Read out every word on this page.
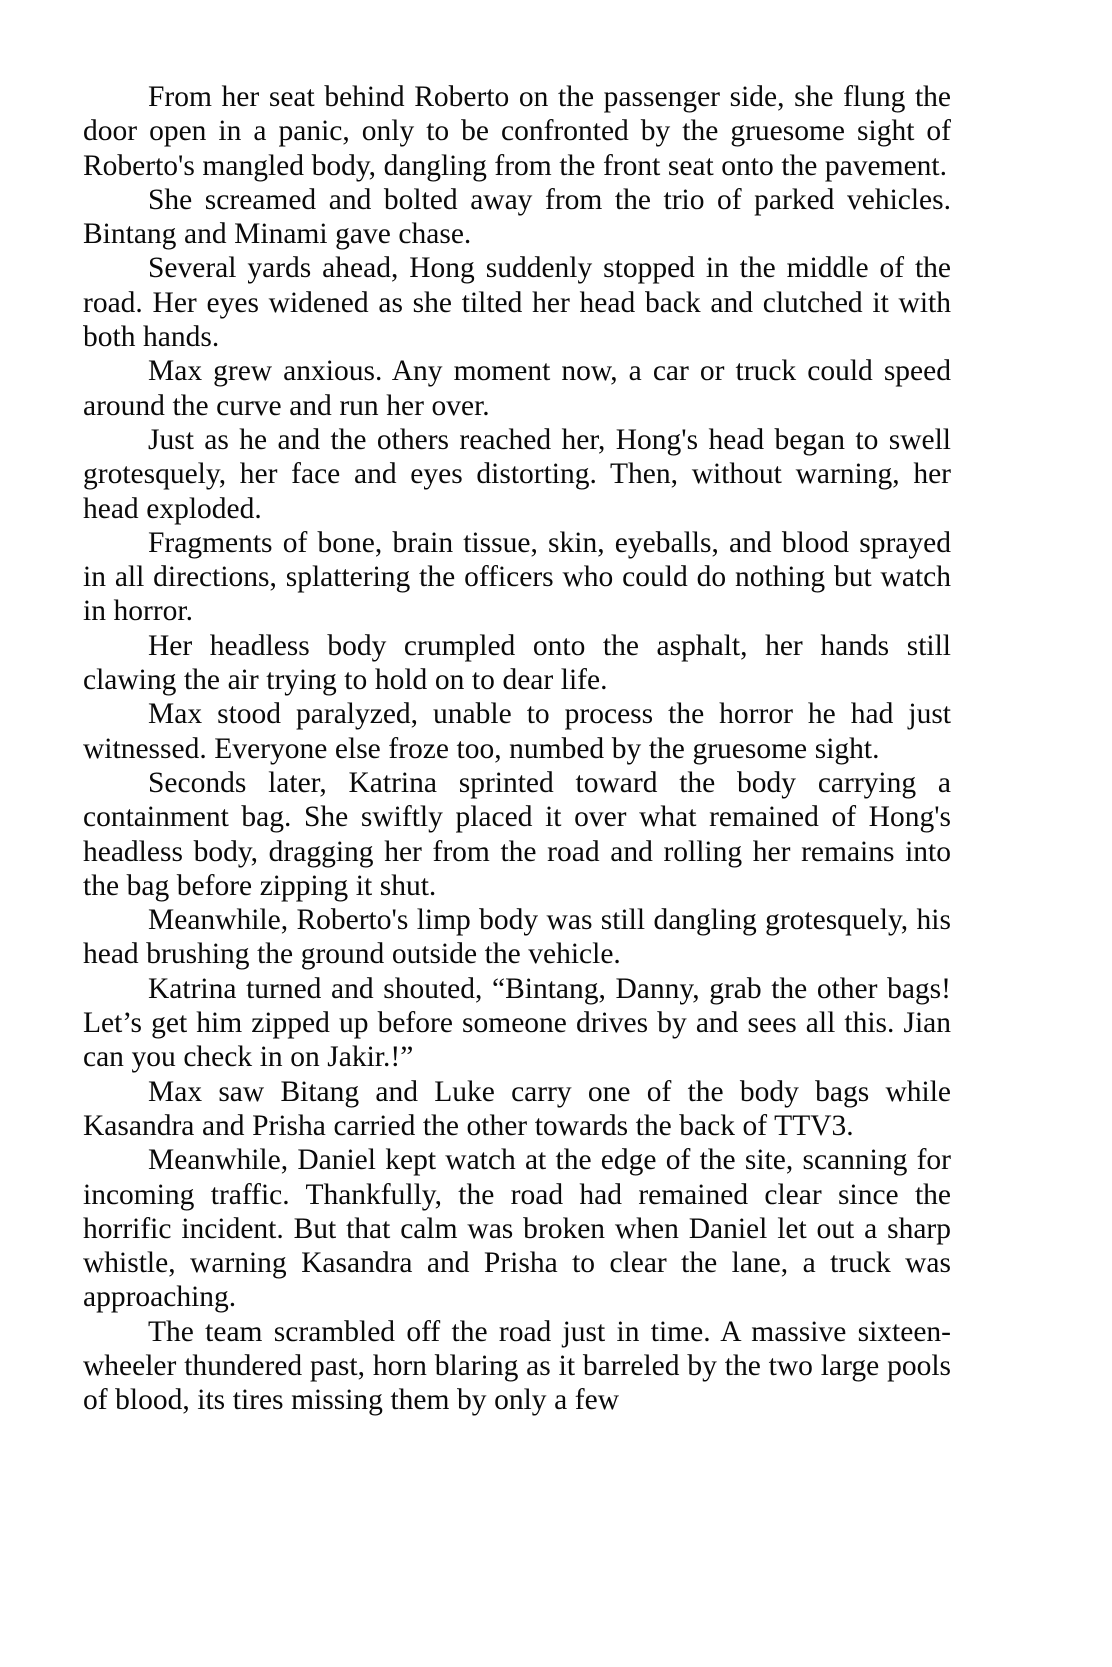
From her seat behind Roberto on the passenger side, she flung the door open in a panic, only to be confronted by the gruesome sight of Roberto's mangled body, dangling from the front seat onto the pavement.

She screamed and bolted away from the trio of parked vehicles. Bintang and Minami gave chase.

Several yards ahead, Hong suddenly stopped in the middle of the road. Her eyes widened as she tilted her head back and clutched it with both hands.

Max grew anxious. Any moment now, a car or truck could speed around the curve and run her over.

Just as he and the others reached her, Hong's head began to swell grotesquely, her face and eyes distorting. Then, without warning, her head exploded.

Fragments of bone, brain tissue, skin, eyeballs, and blood sprayed in all directions, splattering the officers who could do nothing but watch in horror.

Her headless body crumpled onto the asphalt, her hands still clawing the air trying to hold on to dear life.

Max stood paralyzed, unable to process the horror he had just witnessed. Everyone else froze too, numbed by the gruesome sight.

Seconds later, Katrina sprinted toward the body carrying a containment bag. She swiftly placed it over what remained of Hong's headless body, dragging her from the road and rolling her remains into the bag before zipping it shut.

Meanwhile, Roberto's limp body was still dangling grotesquely, his head brushing the ground outside the vehicle.

Katrina turned and shouted, “Bintang, Danny, grab the other bags! Let’s get him zipped up before someone drives by and sees all this. Jian can you check in on Jakir.!”

Max saw Bitang and Luke carry one of the body bags while Kasandra and Prisha carried the other towards the back of TTV3.

Meanwhile, Daniel kept watch at the edge of the site, scanning for incoming traffic. Thankfully, the road had remained clear since the horrific incident. But that calm was broken when Daniel let out a sharp whistle, warning Kasandra and Prisha to clear the lane, a truck was approaching.

The team scrambled off the road just in time. A massive sixteen-wheeler thundered past, horn blaring as it barreled by the two large pools of blood, its tires missing them by only a few
